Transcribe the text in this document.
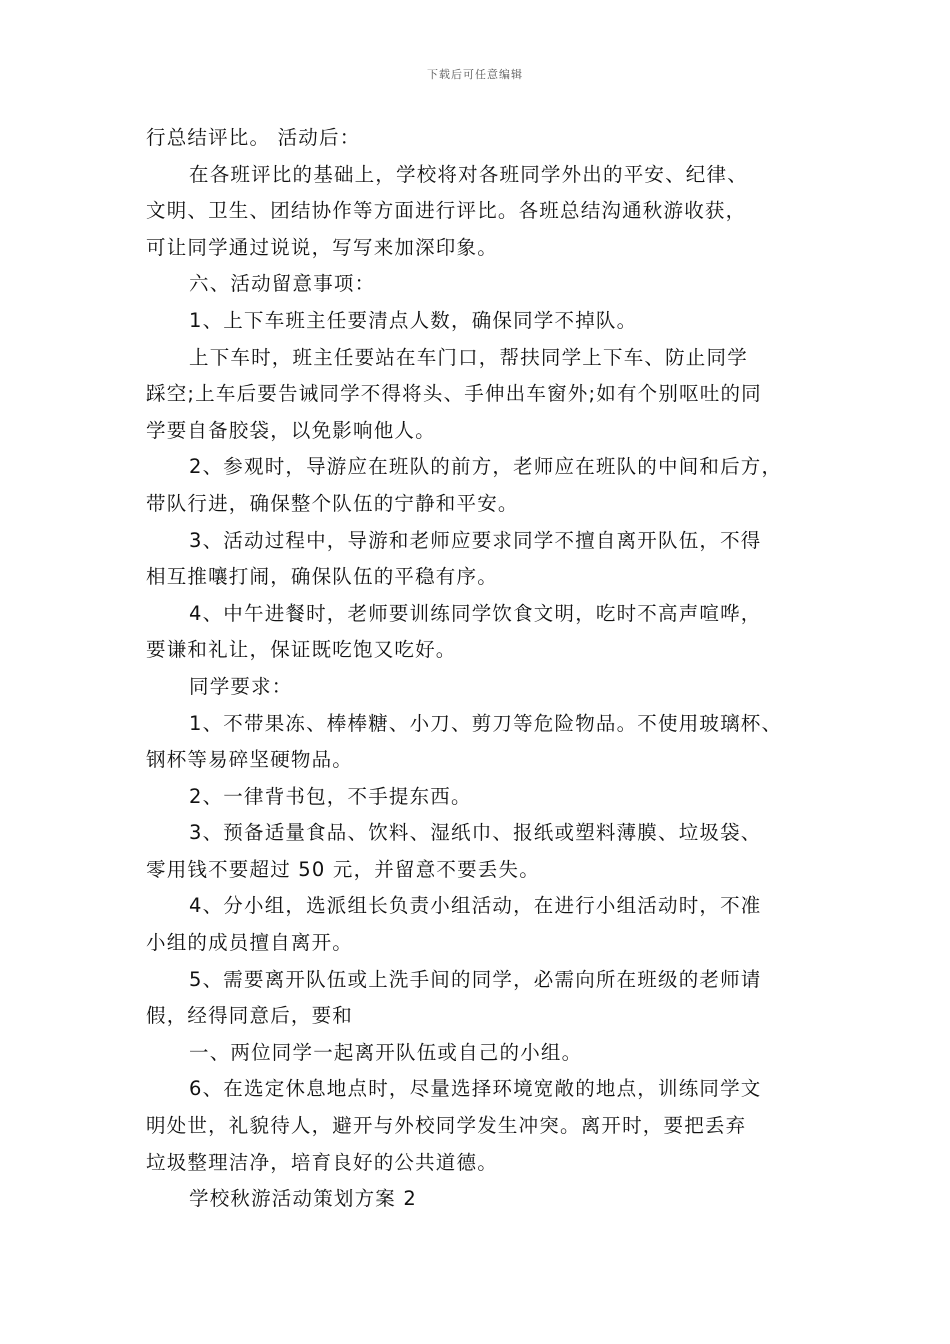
下载后可任意编辑
行总结评比。 活动后：
在各班评比的基础上，学校将对各班同学外出的平安、纪律、
文明、卫生、团结协作等方面进行评比。各班总结沟通秋游收获，
可让同学通过说说，写写来加深印象。
六、活动留意事项：
1、上下车班主任要清点人数，确保同学不掉队。
上下车时，班主任要站在车门口，帮扶同学上下车、防止同学
踩空;上车后要告诫同学不得将头、手伸出车窗外;如有个别呕吐的同
学要自备胶袋，以免影响他人。
2、参观时，导游应在班队的前方，老师应在班队的中间和后方，
带队行进，确保整个队伍的宁静和平安。
3、活动过程中，导游和老师应要求同学不擅自离开队伍，不得
相互推嚷打闹，确保队伍的平稳有序。
4、中午进餐时，老师要训练同学饮食文明，吃时不高声喧哗，
要谦和礼让，保证既吃饱又吃好。
同学要求：
1、不带果冻、棒棒糖、小刀、剪刀等危险物品。不使用玻璃杯、
钢杯等易碎坚硬物品。
2、一律背书包，不手提东西。
3、预备适量食品、饮料、湿纸巾、报纸或塑料薄膜、垃圾袋、
零用钱不要超过 50 元，并留意不要丢失。
4、分小组，选派组长负责小组活动，在进行小组活动时，不准
小组的成员擅自离开。
5、需要离开队伍或上洗手间的同学，必需向所在班级的老师请
假，经得同意后，要和
一、两位同学一起离开队伍或自己的小组。
6、在选定休息地点时，尽量选择环境宽敞的地点，训练同学文
明处世，礼貌待人，避开与外校同学发生冲突。离开时，要把丢弃
垃圾整理洁净，培育良好的公共道德。
学校秋游活动策划方案 2
